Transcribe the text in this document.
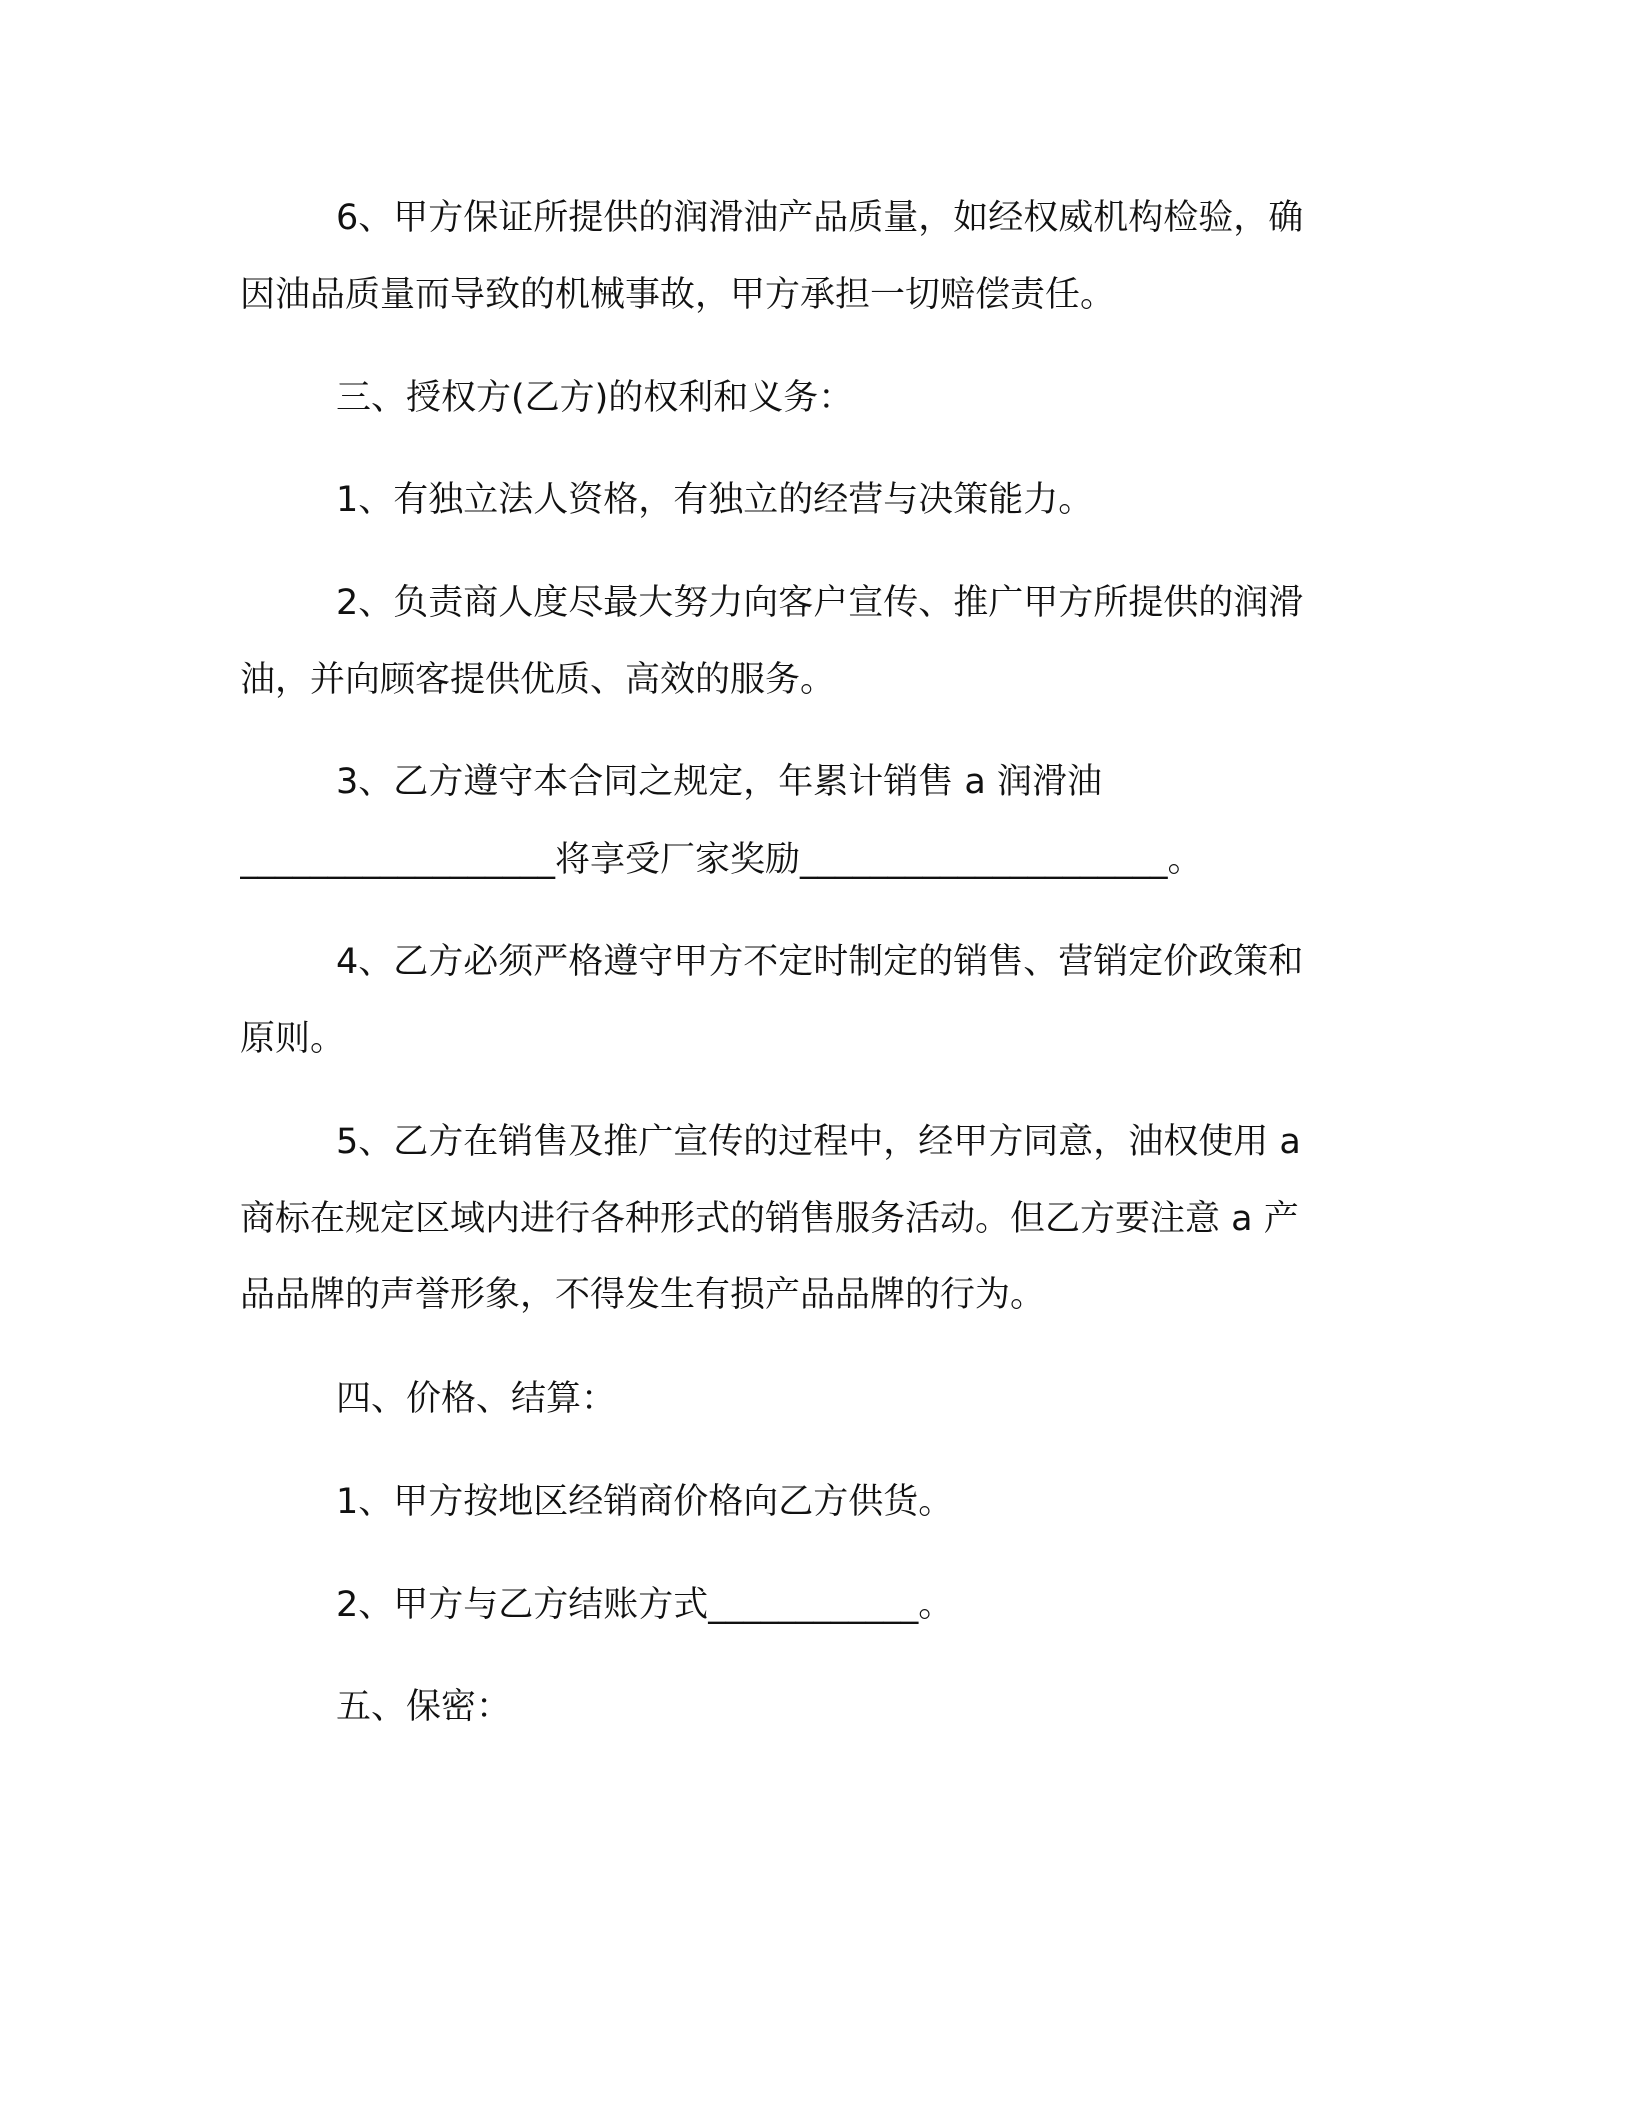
6、甲方保证所提供的润滑油产品质量，如经权威机构检验，确
因油品质量而导致的机械事故，甲方承担一切赔偿责任。
三、授权方(乙方)的权利和义务：
1、有独立法人资格，有独立的经营与决策能力。
2、负责商人度尽最大努力向客户宣传、推广甲方所提供的润滑
油，并向顾客提供优质、高效的服务。
3、乙方遵守本合同之规定，年累计销售 a 润滑油
__________________将享受厂家奖励_____________________。
4、乙方必须严格遵守甲方不定时制定的销售、营销定价政策和
原则。
5、乙方在销售及推广宣传的过程中，经甲方同意，油权使用 a
商标在规定区域内进行各种形式的销售服务活动。但乙方要注意 a 产
品品牌的声誉形象，不得发生有损产品品牌的行为。
四、价格、结算：
1、甲方按地区经销商价格向乙方供货。
2、甲方与乙方结账方式____________。
五、保密：
